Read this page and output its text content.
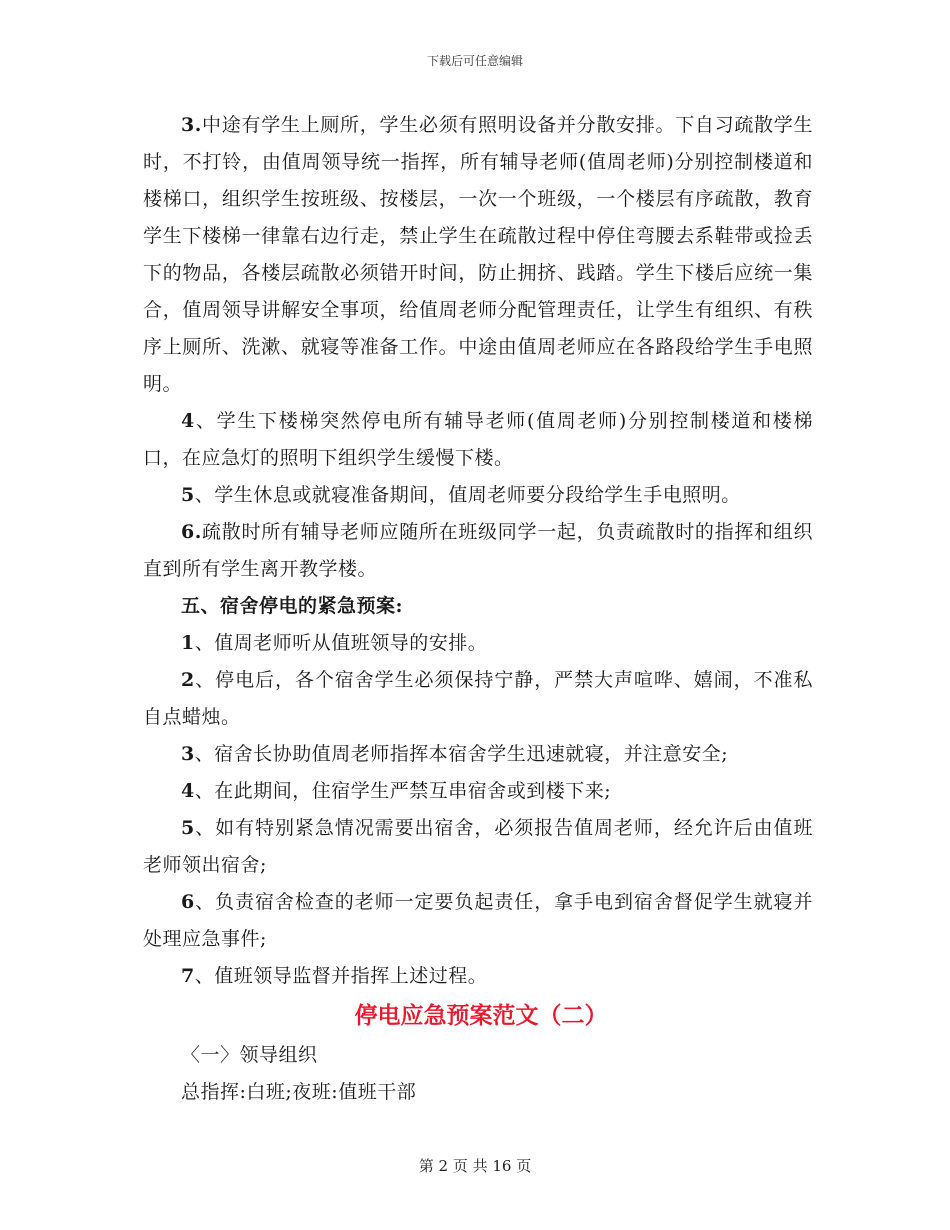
下载后可任意编辑

3.中途有学生上厕所，学生必须有照明设备并分散安排。下自习疏散学生时，不打铃，由值周领导统一指挥，所有辅导老师(值周老师)分别控制楼道和楼梯口，组织学生按班级、按楼层，一次一个班级，一个楼层有序疏散，教育学生下楼梯一律靠右边行走，禁止学生在疏散过程中停住弯腰去系鞋带或捡丢下的物品，各楼层疏散必须错开时间，防止拥挤、践踏。学生下楼后应统一集合，值周领导讲解安全事项，给值周老师分配管理责任，让学生有组织、有秩序上厕所、洗漱、就寝等准备工作。中途由值周老师应在各路段给学生手电照明。

4、学生下楼梯突然停电所有辅导老师(值周老师)分别控制楼道和楼梯口，在应急灯的照明下组织学生缓慢下楼。

5、学生休息或就寝准备期间，值周老师要分段给学生手电照明。

6.疏散时所有辅导老师应随所在班级同学一起，负责疏散时的指挥和组织直到所有学生离开教学楼。

五、宿舍停电的紧急预案:

1、值周老师听从值班领导的安排。

2、停电后，各个宿舍学生必须保持宁静，严禁大声喧哗、嬉闹，不准私自点蜡烛。

3、宿舍长协助值周老师指挥本宿舍学生迅速就寝，并注意安全;

4、在此期间，住宿学生严禁互串宿舍或到楼下来;

5、如有特别紧急情况需要出宿舍，必须报告值周老师，经允许后由值班老师领出宿舍;

6、负责宿舍检查的老师一定要负起责任，拿手电到宿舍督促学生就寝并处理应急事件;

7、值班领导监督并指挥上述过程。

停电应急预案范文（二）

〈一〉领导组织

总指挥:白班;夜班:值班干部

第 2 页 共 16 页
